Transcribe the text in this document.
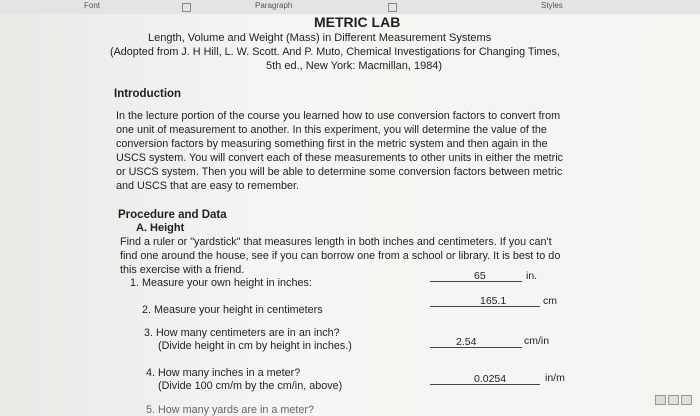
Font	Paragraph	Styles
METRIC LAB
Length, Volume and Weight (Mass) in Different Measurement Systems
(Adopted from J. H Hill, L. W. Scott. And P. Muto, Chemical Investigations for Changing Times,
5th ed., New York: Macmillan, 1984)
Introduction
In the lecture portion of the course you learned how to use conversion factors to convert from
one unit of measurement to another. In this experiment, you will determine the value of the
conversion factors by measuring something first in the metric system and then again in the
USCS system. You will convert each of these measurements to other units in either the metric
or USCS system. Then you will be able to determine some conversion factors between metric
and USCS that are easy to remember.
Procedure and Data
A. Height
Find a ruler or "yardstick" that measures length in both inches and centimeters. If you can't
find one around the house, see if you can borrow one from a school or library. It is best to do
this exercise with a friend.
1. Measure your own height in inches:
65	in.
2. Measure your height in centimeters
165.1	cm
3. How many centimeters are in an inch?
(Divide height in cm by height in inches.)	2.54	cm/in
4. How many inches in a meter?
(Divide 100 cm/m by the cm/in, above)
0.0254	in/m
5. How many yards are in a meter?
